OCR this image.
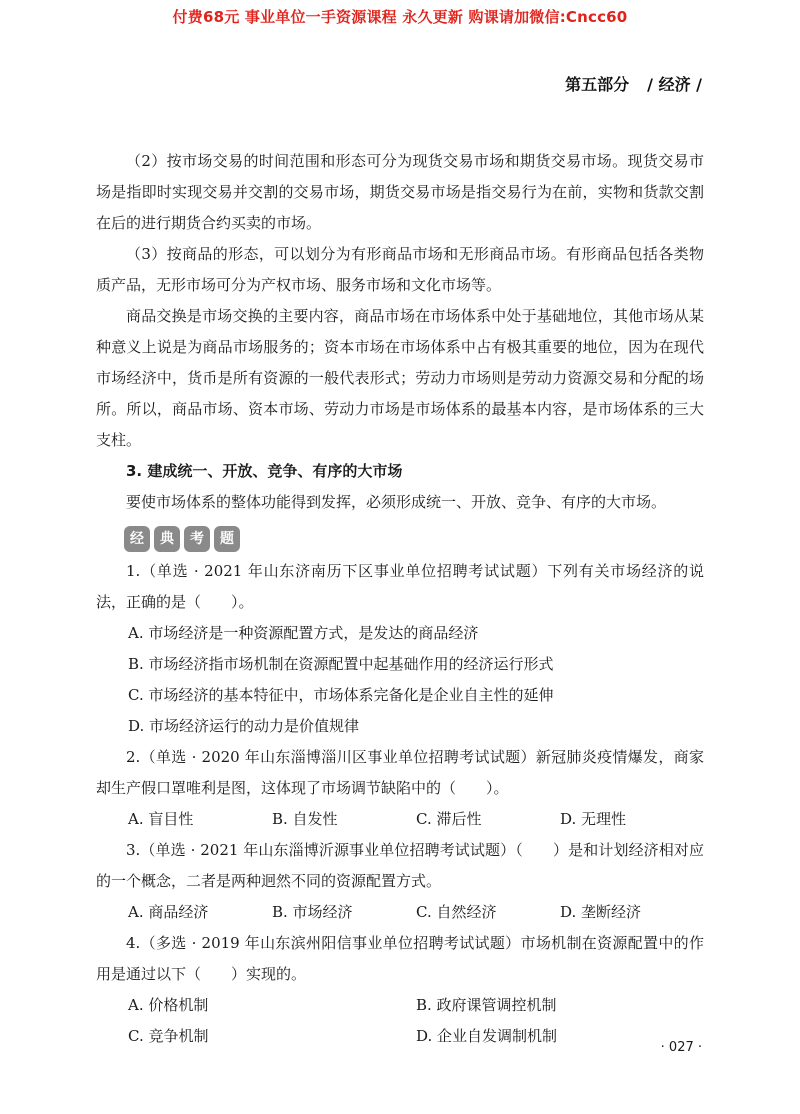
付费68元 事业单位一手资源课程 永久更新 购课请加微信:Cncc60
第五部分 / 经济 /

（2）按市场交易的时间范围和形态可分为现货交易市场和期货交易市场。现货交易市场是指即时实现交易并交割的交易市场，期货交易市场是指交易行为在前，实物和货款交割在后的进行期货合约买卖的市场。

（3）按商品的形态，可以划分为有形商品市场和无形商品市场。有形商品包括各类物质产品，无形市场可分为产权市场、服务市场和文化市场等。

商品交换是市场交换的主要内容，商品市场在市场体系中处于基础地位，其他市场从某种意义上说是为商品市场服务的；资本市场在市场体系中占有极其重要的地位，因为在现代市场经济中，货币是所有资源的一般代表形式；劳动力市场则是劳动力资源交易和分配的场所。所以，商品市场、资本市场、劳动力市场是市场体系的最基本内容，是市场体系的三大支柱。

3. 建成统一、开放、竞争、有序的大市场

要使市场体系的整体功能得到发挥，必须形成统一、开放、竞争、有序的大市场。

经	典	考	题

1.（单选 · 2021 年山东济南历下区事业单位招聘考试试题）下列有关市场经济的说法，正确的是（　　）。

A. 市场经济是一种资源配置方式，是发达的商品经济

B. 市场经济指市场机制在资源配置中起基础作用的经济运行形式

C. 市场经济的基本特征中，市场体系完备化是企业自主性的延伸

D. 市场经济运行的动力是价值规律

2.（单选 · 2020 年山东淄博淄川区事业单位招聘考试试题）新冠肺炎疫情爆发，商家却生产假口罩唯利是图，这体现了市场调节缺陷中的（　　）。

A. 盲目性	B. 自发性	C. 滞后性	D. 无理性

3.（单选 · 2021 年山东淄博沂源事业单位招聘考试试题）（　　）是和计划经济相对应的一个概念，二者是两种迥然不同的资源配置方式。

A. 商品经济	B. 市场经济	C. 自然经济	D. 垄断经济

4.（多选 · 2019 年山东滨州阳信事业单位招聘考试试题）市场机制在资源配置中的作用是通过以下（　　）实现的。

A. 价格机制	B. 政府课管调控机制
C. 竞争机制	D. 企业自发调制机制
· 027 ·
